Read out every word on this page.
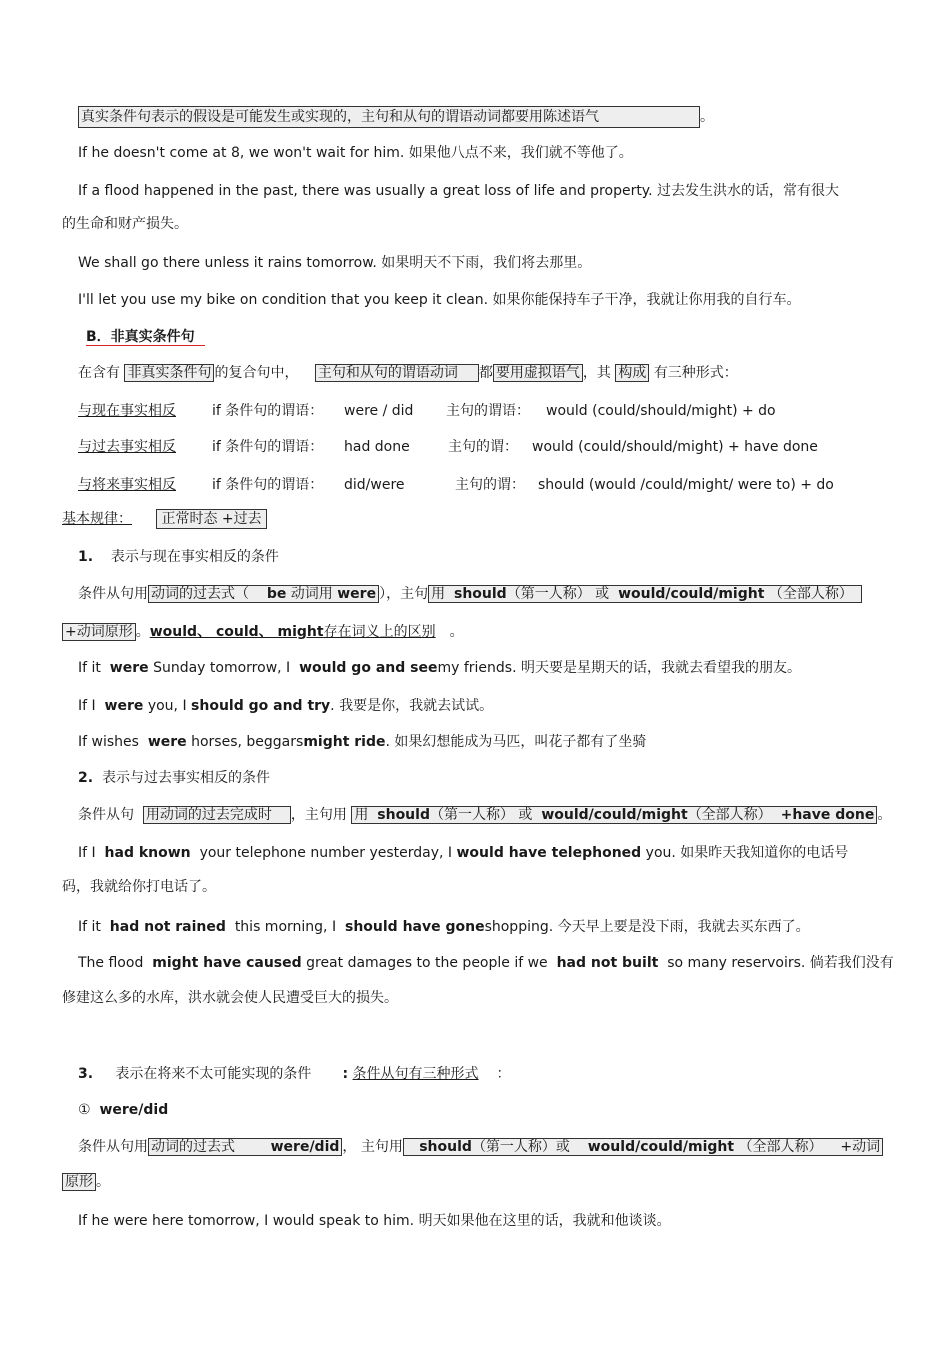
真实条件句表示的假设是可能发生或实现的，主句和从句的谓语动词都要用陈述语气	。
If he doesn't come at 8, we won't wait for him. 如果他八点不来，我们就不等他了。
If a flood happened in the past, there was usually a great loss of life and property. 过去发生洪水的话，常有很大
的生命和财产损失。
We shall go there unless it rains tomorrow. 如果明天不下雨，我们将去那里。
I'll let you use my bike on condition that you keep it clean. 如果你能保持车子干净，我就让你用我的自行车。
B．非真实条件句
在含有 非真实条件句 的复合句中， 主句和从句的谓语动词 都 要用虚拟语气 ，其 构成 有三种形式：
与现在事实相反	if 条件句的谓语： were / did 主句的谓语： would (could/should/might) + do
与过去事实相反	if 条件句的谓语： had done	主句的谓： would (could/should/might) + have done
与将来事实相反	if 条件句的谓语： did/were	主句的谓： should (would /could/might/ were to) + do
基本规律： 正常时态 +过去
1. 表示与现在事实相反的条件
条件从句用 动词的过去式（ be 动词用 were ），主句 用 should（第一人称） 或 would/could/might （全部人称）
+动词原形 。would、 could、 might存在词义上的区别 。
If it were Sunday tomorrow, I would go and seemy friends. 明天要是星期天的话，我就去看望我的朋友。
If I were you, I should go and try. 我要是你，我就去试试。
If wishes were horses, beggarsmight ride. 如果幻想能成为马匹，叫花子都有了坐骑
2. 表示与过去事实相反的条件
条件从句 用动词的过去完成时 ，主句用 用 should（第一人称） 或 would/could/might（全部人称） +have done 。
If I had known your telephone number yesterday, I would have telephoned you. 如果昨天我知道你的电话号
码，我就给你打电话了。
If it had not rained this morning, I should have goneshopping. 今天早上要是没下雨，我就去买东西了。
The flood might have caused great damages to the people if we had not built so many reservoirs. 倘若我们没有
修建这么多的水库，洪水就会使人民遭受巨大的损失。
3. 表示在将来不太可能实现的条件 : 条件从句有三种形式 ：
① were/did
条件从句用 动词的过去式	were/did ， 主句用 should（第一人称）或 would/could/might （全部人称） +动词
原形 。
If he were here tomorrow, I would speak to him. 明天如果他在这里的话，我就和他谈谈。
